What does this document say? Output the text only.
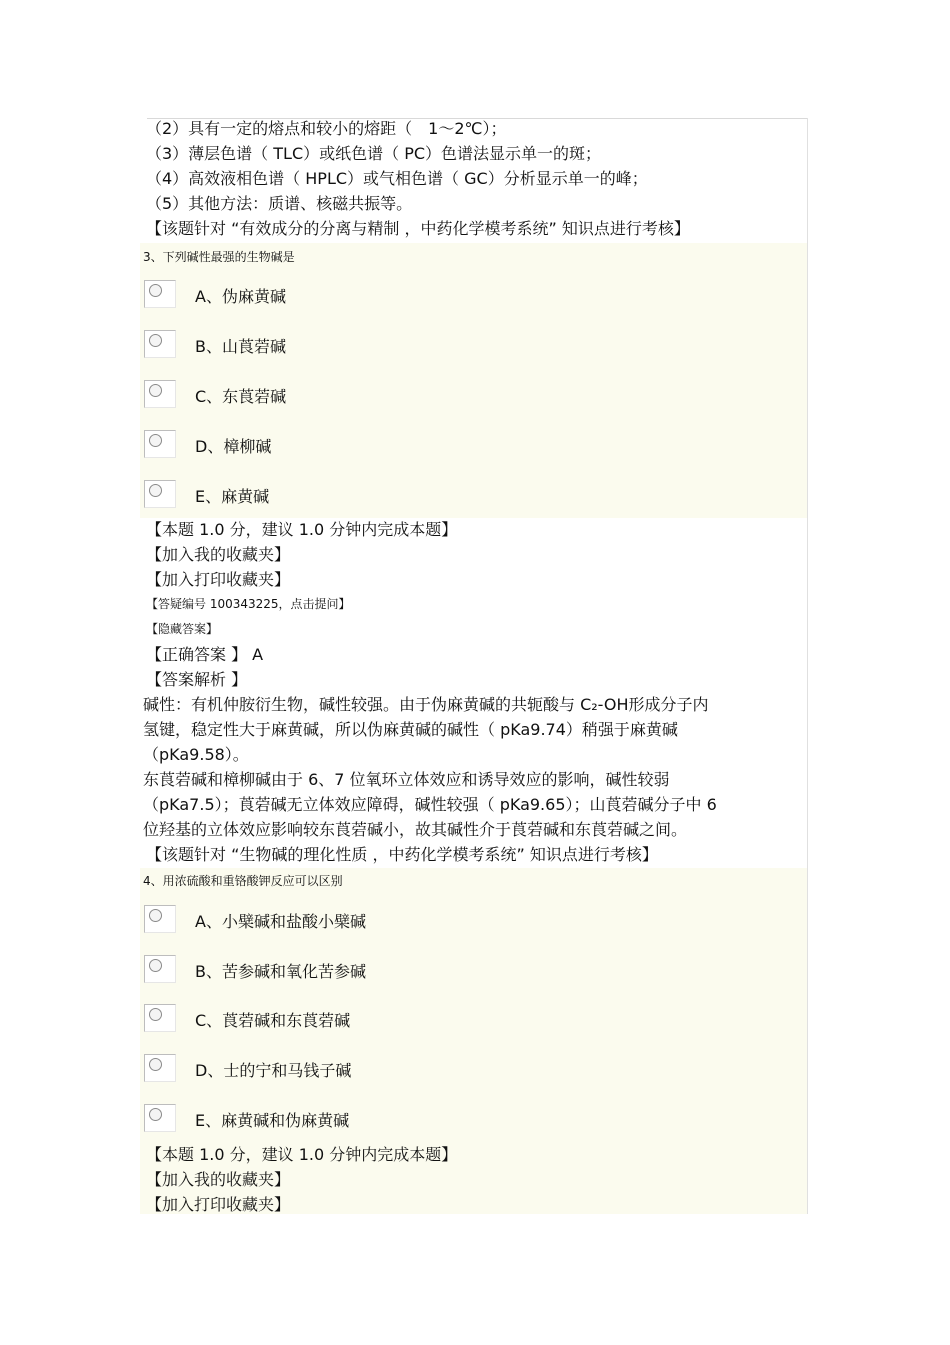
（2）具有一定的熔点和较小的熔距（　1～2℃）；
（3）薄层色谱（ TLC）或纸色谱（ PC）色谱法显示单一的斑；
（4）高效液相色谱（ HPLC）或气相色谱（ GC）分析显示单一的峰；
（5）其他方法：质谱、核磁共振等。
【该题针对 “有效成分的分离与精制 ，中药化学模考系统” 知识点进行考核】
3、下列碱性最强的生物碱是
A、伪麻黄碱
B、山莨菪碱
C、东莨菪碱
D、樟柳碱
E、麻黄碱
【本题 1.0 分，建议 1.0 分钟内完成本题】
【加入我的收藏夹】
【加入打印收藏夹】
【答疑编号 100343225，点击提问】
【隐藏答案】
【正确答案 】 A
【答案解析 】
碱性：有机仲胺衍生物，碱性较强。由于伪麻黄碱的共轭酸与 C₂-OH形成分子内
氢键，稳定性大于麻黄碱，所以伪麻黄碱的碱性（ pKa9.74）稍强于麻黄碱
（pKa9.58）。
东莨菪碱和樟柳碱由于 6、7 位氧环立体效应和诱导效应的影响，碱性较弱
（pKa7.5）；莨菪碱无立体效应障碍，碱性较强（ pKa9.65）；山莨菪碱分子中 6
位羟基的立体效应影响较东莨菪碱小，故其碱性介于莨菪碱和东莨菪碱之间。
【该题针对 “生物碱的理化性质 ，中药化学模考系统” 知识点进行考核】
4、用浓硫酸和重铬酸钾反应可以区别
A、小檗碱和盐酸小檗碱
B、苦参碱和氧化苦参碱
C、莨菪碱和东莨菪碱
D、士的宁和马钱子碱
E、麻黄碱和伪麻黄碱
【本题 1.0 分，建议 1.0 分钟内完成本题】
【加入我的收藏夹】
【加入打印收藏夹】
